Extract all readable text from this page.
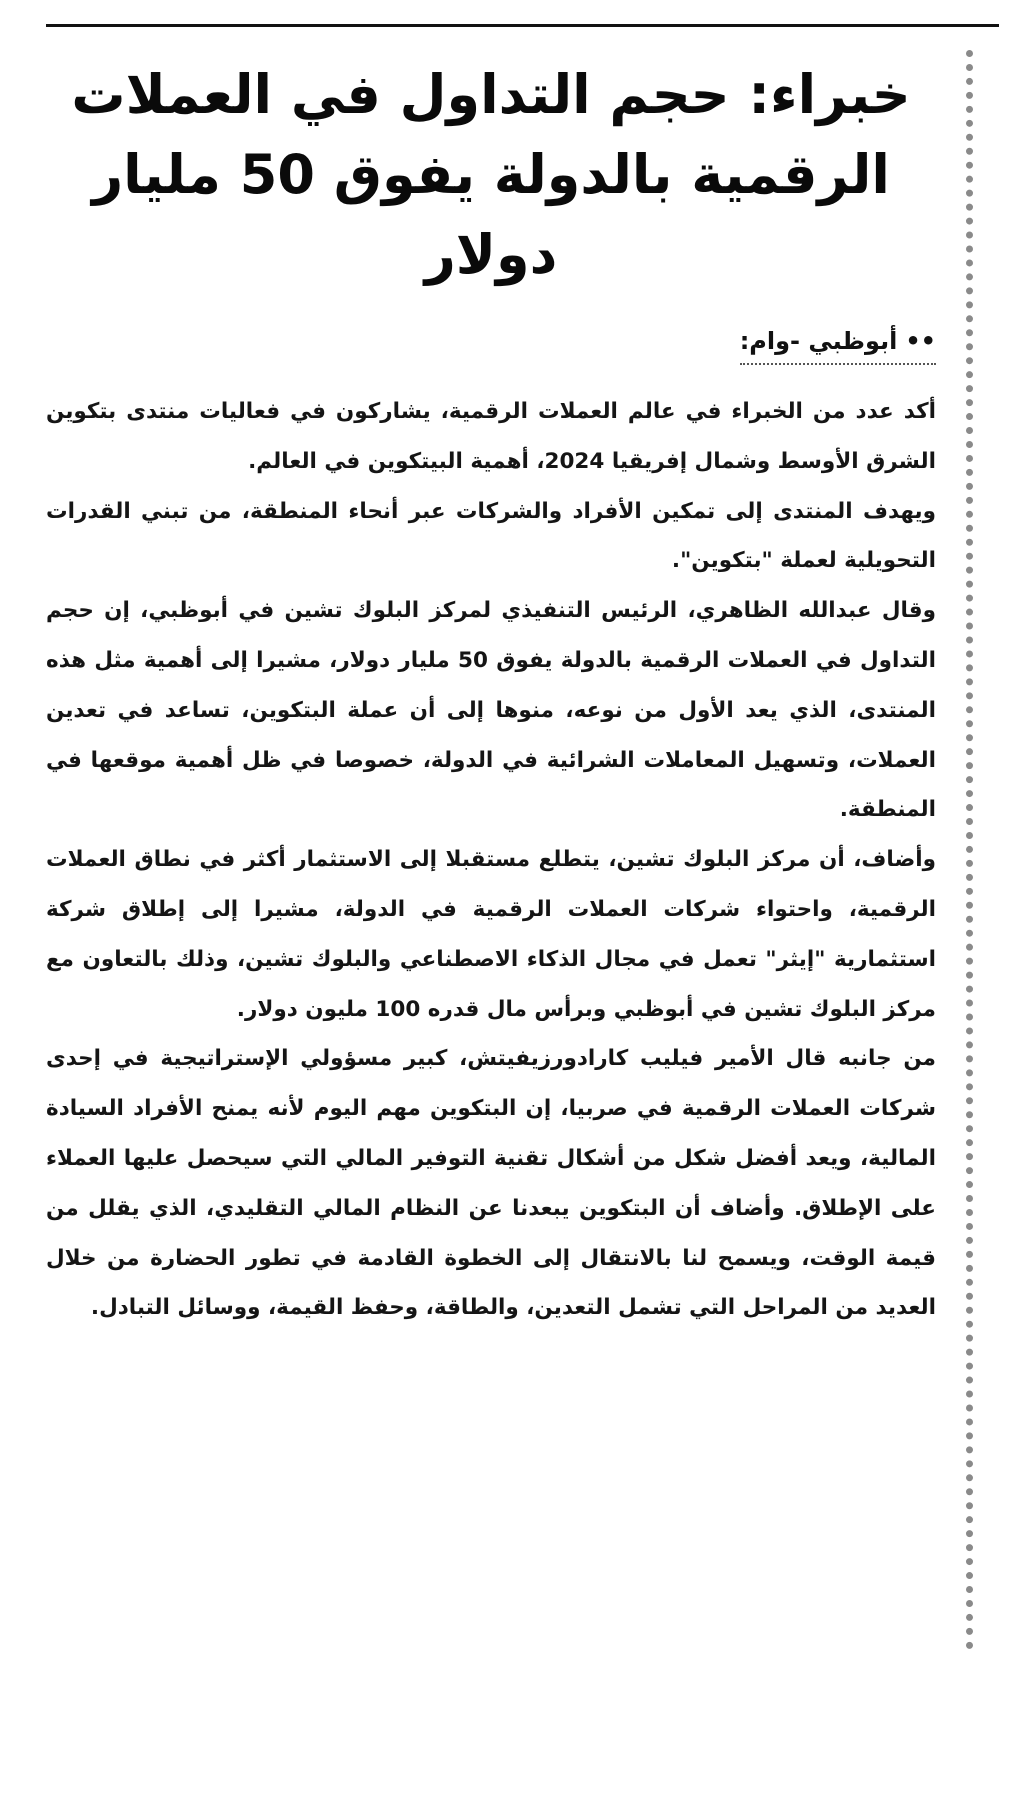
خبراء: حجم التداول في العملات الرقمية بالدولة يفوق 50 مليار دولار
••أبوظبي -وام:

أكد عدد من الخبراء في عالم العملات الرقمية، يشاركون في فعاليات منتدى بتكوين الشرق الأوسط وشمال إفريقيا 2024، أهمية البيتكوين في العالم.

ويهدف المنتدى إلى تمكين الأفراد والشركات عبر أنحاء المنطقة، من تبني القدرات التحويلية لعملة "بتكوين".

وقال عبدالله الظاهري، الرئيس التنفيذي لمركز البلوك تشين في أبوظبي، إن حجم التداول في العملات الرقمية بالدولة يفوق 50 مليار دولار، مشيرا إلى أهمية مثل هذه المنتدى، الذي يعد الأول من نوعه، منوها إلى أن عملة البتكوين، تساعد في تعدين العملات، وتسهيل المعاملات الشرائية في الدولة، خصوصا في ظل أهمية موقعها في المنطقة.

وأضاف، أن مركز البلوك تشين، يتطلع مستقبلا إلى الاستثمار أكثر في نطاق العملات الرقمية، واحتواء شركات العملات الرقمية في الدولة، مشيرا إلى إطلاق شركة استثمارية "إيثر" تعمل في مجال الذكاء الاصطناعي والبلوك تشين، وذلك بالتعاون مع مركز البلوك تشين في أبوظبي وبرأس مال قدره 100 مليون دولار.

من جانبه قال الأمير فيليب كارادورزيفيتش، كبير مسؤولي الإستراتيجية في إحدى شركات العملات الرقمية في صربيا، إن البتكوين مهم اليوم لأنه يمنح الأفراد السيادة المالية، ويعد أفضل شكل من أشكال تقنية التوفير المالي التي سيحصل عليها العملاء على الإطلاق. وأضاف أن البتكوين يبعدنا عن النظام المالي التقليدي، الذي يقلل من قيمة الوقت، ويسمح لنا بالانتقال إلى الخطوة القادمة في تطور الحضارة من خلال العديد من المراحل التي تشمل التعدين، والطاقة، وحفظ القيمة، ووسائل التبادل.
